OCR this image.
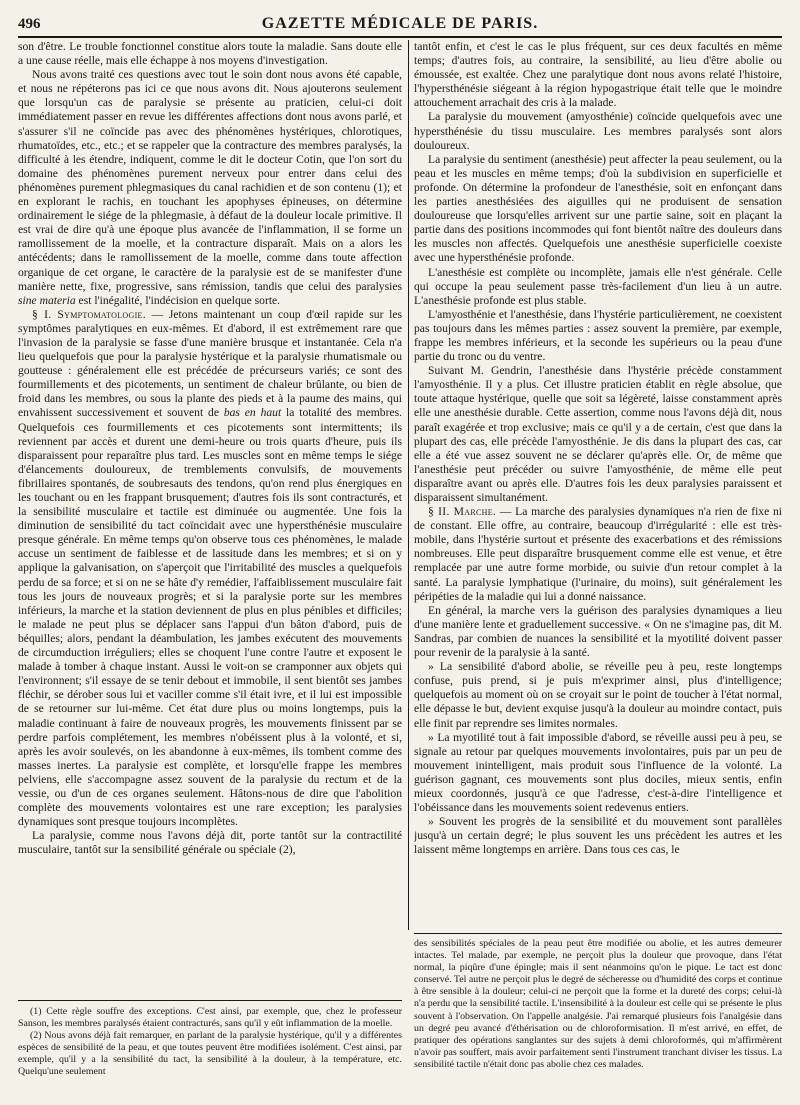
496	GAZETTE MÉDICALE DE PARIS.

son d'être. Le trouble fonctionnel constitue alors toute la maladie. Sans doute elle a une cause réelle, mais elle échappe à nos moyens d'investigation.

Nous avons traité ces questions avec tout le soin dont nous avons été capable, et nous ne répéterons pas ici ce que nous avons dit. Nous ajouterons seulement que lorsqu'un cas de paralysie se présente au praticien, celui-ci doit immédiatement passer en revue les différentes affections dont nous avons parlé, et s'assurer s'il ne coïncide pas avec des phénomènes hystériques, chlorotiques, rhumatoïdes, etc., etc.; et se rappeler que la contracture des membres paralysés, la difficulté à les étendre, indiquent, comme le dit le docteur Cotin, que l'on sort du domaine des phénomènes purement nerveux pour entrer dans celui des phénomènes purement phlegmasiques du canal rachidien et de son contenu (1); et en explorant le rachis, en touchant les apophyses épineuses, on détermine ordinairement le siége de la phlegmasie, à défaut de la douleur locale primitive. Il est vrai de dire qu'à une époque plus avancée de l'inflammation, il se forme un ramollissement de la moelle, et la contracture disparaît. Mais on a alors les antécédents; dans le ramollissement de la moelle, comme dans toute affection organique de cet organe, le caractère de la paralysie est de se manifester d'une manière nette, fixe, progressive, sans rémission, tandis que celui des paralysies sine materia est l'inégalité, l'indécision en quelque sorte.

§ I. Symptomatologie. — Jetons maintenant un coup d'œil rapide sur les symptômes paralytiques en eux-mêmes. Et d'abord, il est extrêmement rare que l'invasion de la paralysie se fasse d'une manière brusque et instantanée. Cela n'a lieu quelquefois que pour la paralysie hystérique et la paralysie rhumatismale ou goutteuse : généralement elle est précédée de précurseurs variés; ce sont des fourmillements et des picotements, un sentiment de chaleur brûlante, ou bien de froid dans les membres, ou sous la plante des pieds et à la paume des mains, qui envahissent successivement et souvent de bas en haut la totalité des membres. Quelquefois ces fourmillements et ces picotements sont intermittents; ils reviennent par accès et durent une demi-heure ou trois quarts d'heure, puis ils disparaissent pour reparaître plus tard. Les muscles sont en même temps le siége d'élancements douloureux, de tremblements convulsifs, de mouvements fibrillaires spontanés, de soubresauts des tendons, qu'on rend plus énergiques en les touchant ou en les frappant brusquement; d'autres fois ils sont contracturés, et la sensibilité musculaire et tactile est diminuée ou augmentée. Une fois la diminution de sensibilité du tact coïncidait avec une hypersthénésie musculaire presque générale. En même temps qu'on observe tous ces phénomènes, le malade accuse un sentiment de faiblesse et de lassitude dans les membres; et si on y applique la galvanisation, on s'aperçoit que l'irritabilité des muscles a quelquefois perdu de sa force; et si on ne se hâte d'y remédier, l'affaiblissement musculaire fait tous les jours de nouveaux progrès; et si la paralysie porte sur les membres inférieurs, la marche et la station deviennent de plus en plus pénibles et difficiles; le malade ne peut plus se déplacer sans l'appui d'un bâton d'abord, puis de béquilles; alors, pendant la déambulation, les jambes exécutent des mouvements de circumduction irréguliers; elles se choquent l'une contre l'autre et exposent le malade à tomber à chaque instant. Aussi le voit-on se cramponner aux objets qui l'environnent; s'il essaye de se tenir debout et immobile, il sent bientôt ses jambes fléchir, se dérober sous lui et vaciller comme s'il était ivre, et il lui est impossible de se retourner sur lui-même. Cet état dure plus ou moins longtemps, puis la maladie continuant à faire de nouveaux progrès, les mouvements finissent par se perdre parfois complétement, les membres n'obéissent plus à la volonté, et si, après les avoir soulevés, on les abandonne à eux-mêmes, ils tombent comme des masses inertes. La paralysie est complète, et lorsqu'elle frappe les membres pelviens, elle s'accompagne assez souvent de la paralysie du rectum et de la vessie, ou d'un de ces organes seulement. Hâtons-nous de dire que l'abolition complète des mouvements volontaires est une rare exception; les paralysies dynamiques sont presque toujours incomplètes.

La paralysie, comme nous l'avons déjà dit, porte tantôt sur la contractilité musculaire, tantôt sur la sensibilité générale ou spéciale (2),

(1) Cette règle souffre des exceptions. C'est ainsi, par exemple, que, chez le professeur Sanson, les membres paralysés étaient contracturés, sans qu'il y eût inflammation de la moelle.

(2) Nous avons déjà fait remarquer, en parlant de la paralysie hystérique, qu'il y a différentes espèces de sensibilité de la peau, et que toutes peuvent être modifiées isolément. C'est ainsi, par exemple, qu'il y a la sensibilité du tact, la sensibilité à la douleur, à la température, etc. Quelqu'une seulement

tantôt enfin, et c'est le cas le plus fréquent, sur ces deux facultés en même temps; d'autres fois, au contraire, la sensibilité, au lieu d'être abolie ou émoussée, est exaltée. Chez une paralytique dont nous avons relaté l'histoire, l'hypersthénésie siégeant à la région hypogastrique était telle que le moindre attouchement arrachait des cris à la malade.

La paralysie du mouvement (amyosthénie) coïncide quelquefois avec une hypersthénésie du tissu musculaire. Les membres paralysés sont alors douloureux.

La paralysie du sentiment (anesthésie) peut affecter la peau seulement, ou la peau et les muscles en même temps; d'où la subdivision en superficielle et profonde. On détermine la profondeur de l'anesthésie, soit en enfonçant dans les parties anesthésiées des aiguilles qui ne produisent de sensation douloureuse que lorsqu'elles arrivent sur une partie saine, soit en plaçant la partie dans des positions incommodes qui font bientôt naître des douleurs dans les muscles non affectés. Quelquefois une anesthésie superficielle coexiste avec une hypersthénésie profonde.

L'anesthésie est complète ou incomplète, jamais elle n'est générale. Celle qui occupe la peau seulement passe très-facilement d'un lieu à un autre. L'anesthésie profonde est plus stable.

L'amyosthénie et l'anesthésie, dans l'hystérie particulièrement, ne coexistent pas toujours dans les mêmes parties : assez souvent la première, par exemple, frappe les membres inférieurs, et la seconde les supérieurs ou la peau d'une partie du tronc ou du ventre.

Suivant M. Gendrin, l'anesthésie dans l'hystérie précède constamment l'amyosthénie. Il y a plus. Cet illustre praticien établit en règle absolue, que toute attaque hystérique, quelle que soit sa légèreté, laisse constamment après elle une anesthésie durable. Cette assertion, comme nous l'avons déjà dit, nous paraît exagérée et trop exclusive; mais ce qu'il y a de certain, c'est que dans la plupart des cas, elle précède l'amyosthénie. Je dis dans la plupart des cas, car elle a été vue assez souvent ne se déclarer qu'après elle. Or, de même que l'anesthésie peut précéder ou suivre l'amyosthénie, de même elle peut disparaître avant ou après elle. D'autres fois les deux paralysies paraissent et disparaissent simultanément.

§ II. Marche. — La marche des paralysies dynamiques n'a rien de fixe ni de constant. Elle offre, au contraire, beaucoup d'irrégularité : elle est très-mobile, dans l'hystérie surtout et présente des exacerbations et des rémissions nombreuses. Elle peut disparaître brusquement comme elle est venue, et être remplacée par une autre forme morbide, ou suivie d'un retour complet à la santé. La paralysie lymphatique (l'urinaire, du moins), suit généralement les péripéties de la maladie qui lui a donné naissance.

En général, la marche vers la guérison des paralysies dynamiques a lieu d'une manière lente et graduellement successive. « On ne s'imagine pas, dit M. Sandras, par combien de nuances la sensibilité et la myotilité doivent passer pour revenir de la paralysie à la santé.

» La sensibilité d'abord abolie, se réveille peu à peu, reste longtemps confuse, puis prend, si je puis m'exprimer ainsi, plus d'intelligence; quelquefois au moment où on se croyait sur le point de toucher à l'état normal, elle dépasse le but, devient exquise jusqu'à la douleur au moindre contact, puis elle finit par reprendre ses limites normales.

» La myotilité tout à fait impossible d'abord, se réveille aussi peu à peu, se signale au retour par quelques mouvements involontaires, puis par un peu de mouvement inintelligent, mais produit sous l'influence de la volonté. La guérison gagnant, ces mouvements sont plus dociles, mieux sentis, enfin mieux coordonnés, jusqu'à ce que l'adresse, c'est-à-dire l'intelligence et l'obéissance dans les mouvements soient redevenus entiers.

» Souvent les progrès de la sensibilité et du mouvement sont parallèles jusqu'à un certain degré; le plus souvent les uns précèdent les autres et les laissent même longtemps en arrière. Dans tous ces cas, le

des sensibilités spéciales de la peau peut être modifiée ou abolie, et les autres demeurer intactes. Tel malade, par exemple, ne perçoit plus la douleur que provoque, dans l'état normal, la piqûre d'une épingle; mais il sent néanmoins qu'on le pique. Le tact est donc conservé. Tel autre ne perçoit plus le degré de sécheresse ou d'humidité des corps et continue à être sensible à la douleur; celui-ci ne perçoit que la forme et la dureté des corps; celui-là n'a perdu que la sensibilité tactile. L'insensibilité à la douleur est celle qui se présente le plus souvent à l'observation. On l'appelle analgésie. J'ai remarqué plusieurs fois l'analgésie dans un degré peu avancé d'éthérisation ou de chloroformisation. Il m'est arrivé, en effet, de pratiquer des opérations sanglantes sur des sujets à demi chloroformés, qui m'affirmèrent n'avoir pas souffert, mais avoir parfaitement senti l'instrument tranchant diviser les tissus. La sensibilité tactile n'était donc pas abolie chez ces malades.
